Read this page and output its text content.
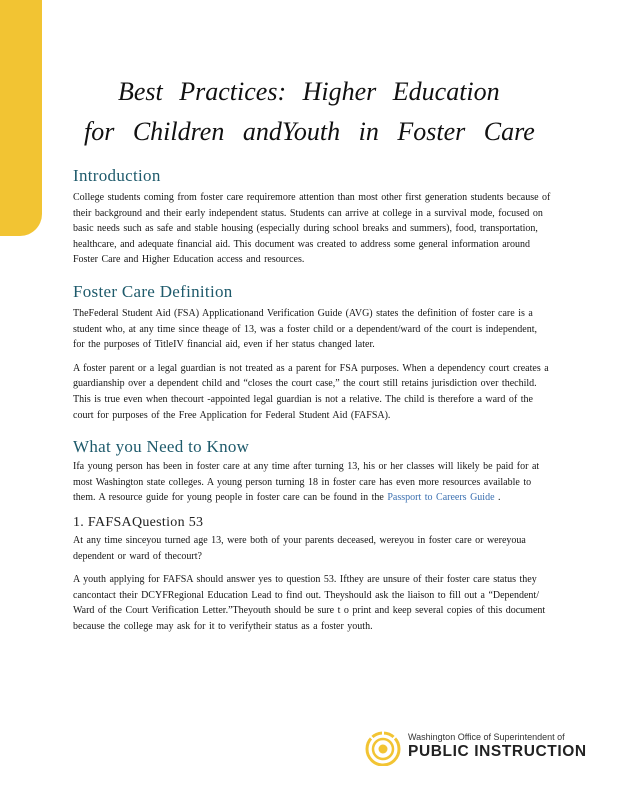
Best Practices: Higher Education
for Children andYouth in Foster Care
Introduction

College students coming from foster care requiremore attention than most other first generation students because of their background and their early independent status. Students can arrive at college in a survival mode, focused on basic needs such as safe and stable housing (especially during school breaks and summers), food, transportation, healthcare, and adequate financial aid. This document was created to address some general information around Foster Care and Higher Education access and resources.

Foster Care Definition

TheFederal Student Aid (FSA) Applicationand Verification Guide (AVG) states the definition of foster care is a student who, at any time since theage of 13, was a foster child or a dependent/ward of the court is independent, for the purposes of TitleIV financial aid, even if her status changed later.

A foster parent or a legal guardian is not treated as a parent for FSA purposes. When a dependency court creates a guardianship over a dependent child and “closes the court case,” the court still retains jurisdiction over thechild. This is true even when thecourt -appointed legal guardian is not a relative. The child is therefore a ward of the court for purposes of the Free Application for Federal Student Aid (FAFSA).

What you Need to Know

Ifa young person has been in foster care at any time after turning 13, his or her classes will likely be paid for at most Washington state colleges. A young person turning 18 in foster care has even more resources available to them. A resource guide for young people in foster care can be found in the Passport to Careers Guide .

1. FAFSAQuestion 53

At any time sinceyou turned age 13, were both of your parents deceased, wereyou in foster care or wereyoua dependent or ward of thecourt?

A youth applying for FAFSA should answer yes to question 53. Ifthey are unsure of their foster care status they cancontact their DCYFRegional Education Lead to find out. Theyshould ask the liaison to fill out a “Dependent/ Ward of the Court Verification Letter.”Theyouth should be sure t o print and keep several copies of this document because the college may ask for it to verifytheir status as a foster youth.

Washington Office of Superintendent of
PUBLIC INSTRUCTION
